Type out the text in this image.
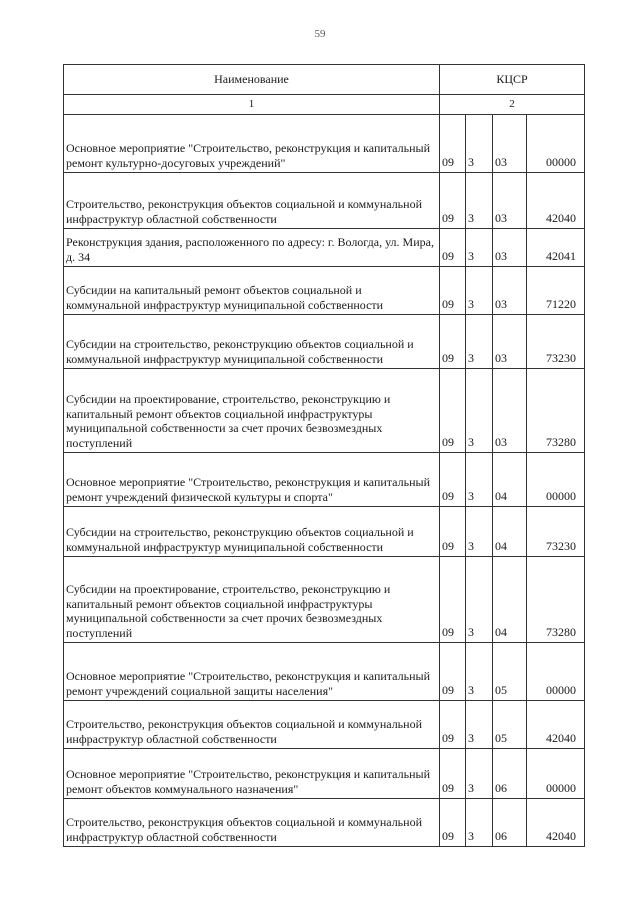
59
Наименование	КЦСР			
1	2			
Основное мероприятие "Строительство, реконструкция и капитальный ремонт культурно-досуговых учреждений"	09	3	03	00000
Строительство, реконструкция объектов социальной и коммунальной инфраструктур областной собственности	09	3	03	42040
Реконструкция здания, расположенного по адресу: г. Вологда, ул. Мира, д. 34	09	3	03	42041
Субсидии на капитальный ремонт объектов социальной и коммунальной инфраструктур муниципальной собственности	09	3	03	71220
Субсидии на строительство, реконструкцию объектов социальной и коммунальной инфраструктур муниципальной собственности	09	3	03	73230
Субсидии на проектирование, строительство, реконструкцию и капитальный ремонт объектов социальной инфраструктуры муниципальной собственности за счет прочих безвозмездных поступлений	09	3	03	73280
Основное мероприятие "Строительство, реконструкция и капитальный ремонт учреждений физической культуры и спорта"	09	3	04	00000
Субсидии на строительство, реконструкцию объектов социальной и коммунальной инфраструктур муниципальной собственности	09	3	04	73230
Субсидии на проектирование, строительство, реконструкцию и капитальный ремонт объектов социальной инфраструктуры муниципальной собственности за счет прочих безвозмездных поступлений	09	3	04	73280
Основное мероприятие "Строительство, реконструкция и капитальный ремонт учреждений социальной защиты населения"	09	3	05	00000
Строительство, реконструкция объектов социальной и коммунальной инфраструктур областной собственности	09	3	05	42040
Основное мероприятие "Строительство, реконструкция и капитальный ремонт объектов коммунального назначения"	09	3	06	00000
Строительство, реконструкция объектов социальной и коммунальной инфраструктур областной собственности	09	3	06	42040
